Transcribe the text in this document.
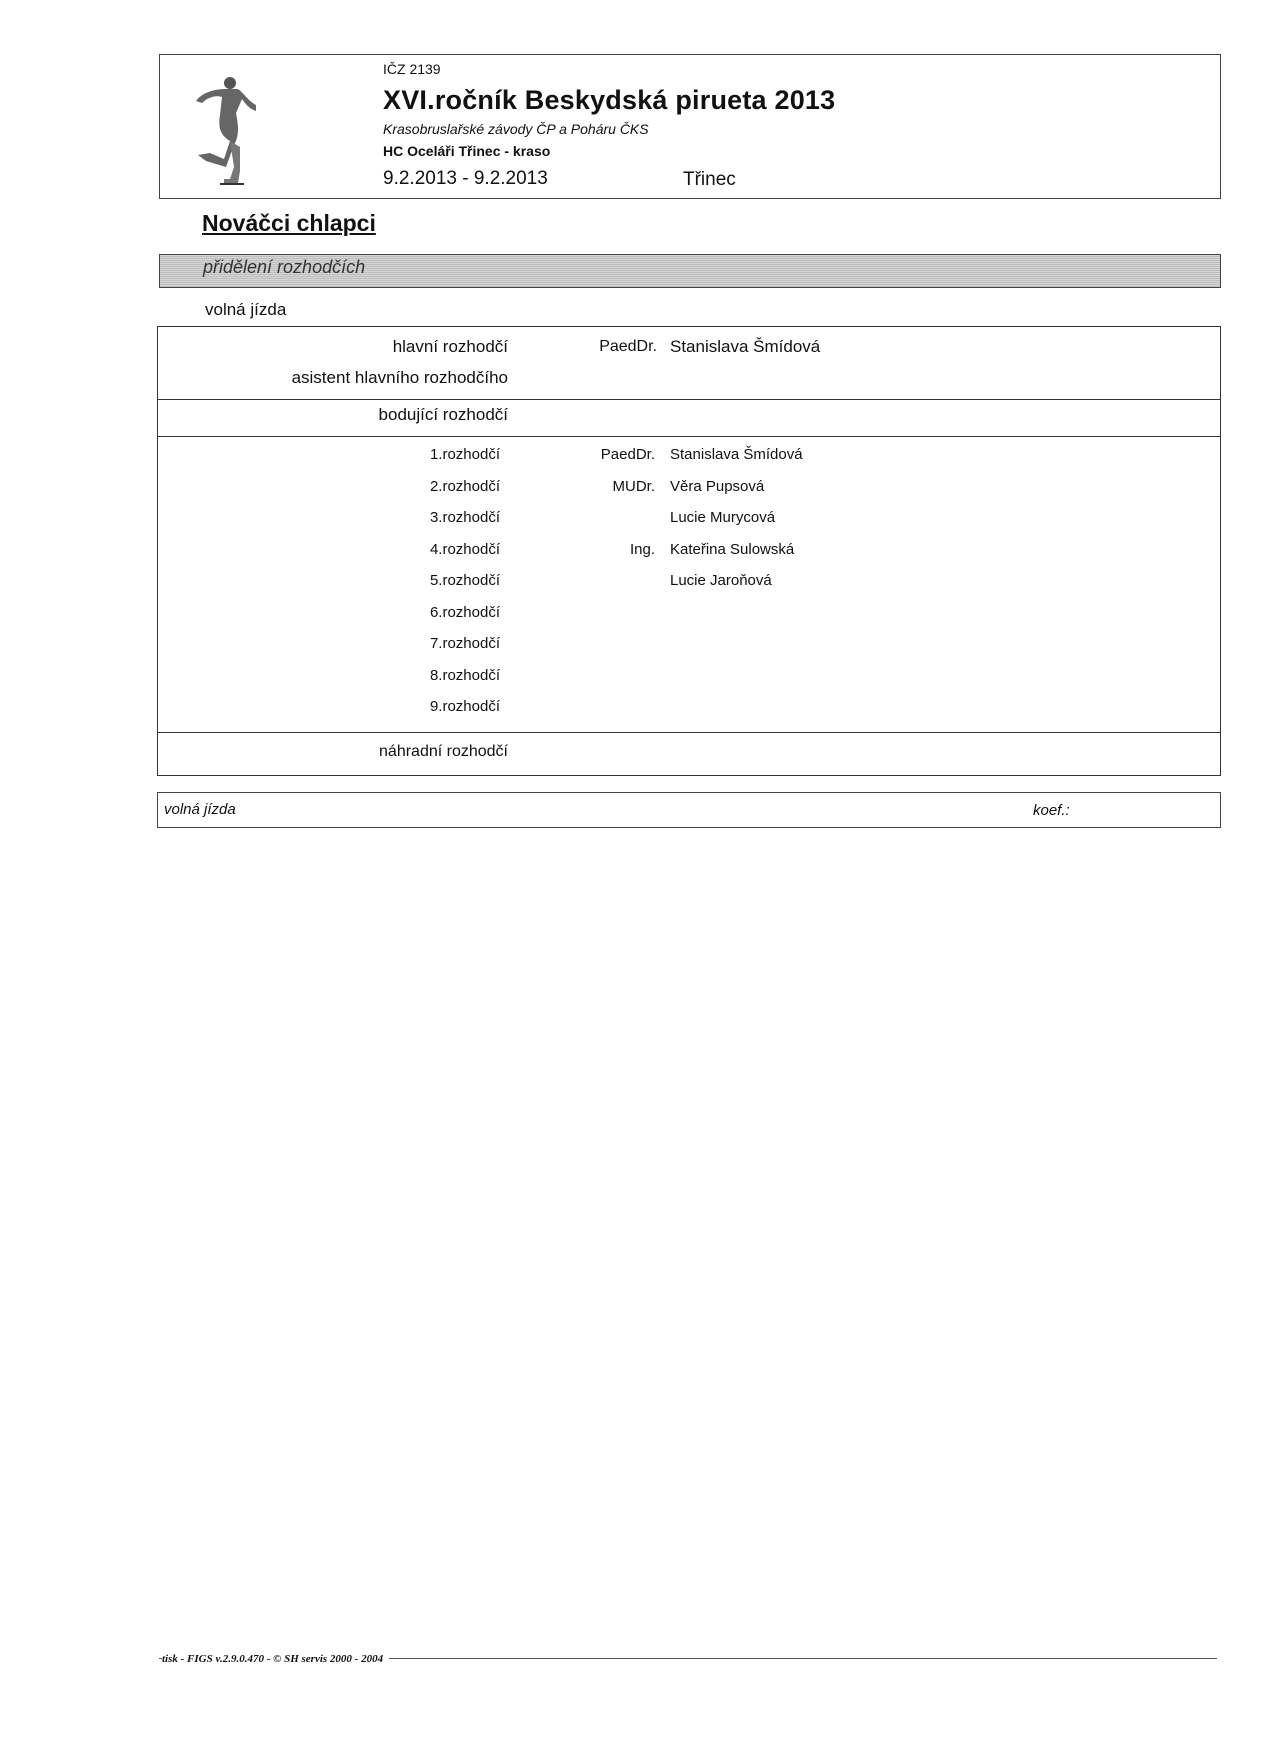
IČZ 2139
XVI.ročník Beskydská pirueta 2013
Krasobruslařské závody ČP a Poháru ČKS
HC Oceláři Třinec - kraso
9.2.2013 - 9.2.2013	Třinec
Nováčci chlapci
přidělení rozhodčích
volná jízda
hlavní rozhodčí	PaedDr. Stanislava Šmídová
asistent hlavního rozhodčího
bodující rozhodčí
1.rozhodčí	PaedDr. Stanislava Šmídová
2.rozhodčí	MUDr. Věra Pupsová
3.rozhodčí	Lucie Murycová
4.rozhodčí	Ing. Kateřina Sulowská
5.rozhodčí	Lucie Jaroňová
6.rozhodčí
7.rozhodčí
8.rozhodčí
9.rozhodčí
náhradní rozhodčí
volná jízda	koef.:
tisk - FIGS v.2.9.0.470 - © SH servis 2000 - 2004
